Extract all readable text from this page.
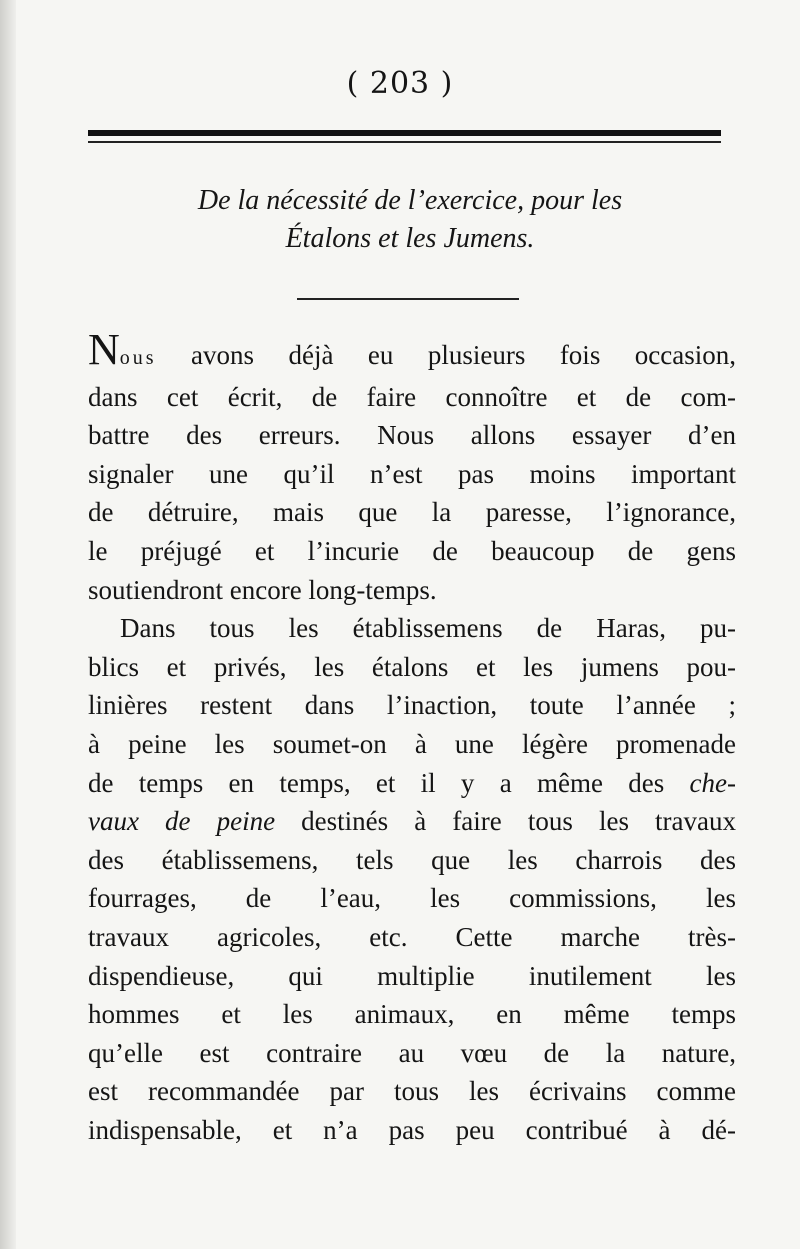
( 203 )
De la nécessité de l’exercice, pour les
Étalons et les Jumens.

Nous avons déjà eu plusieurs fois occasion,
dans cet écrit, de faire connoître et de com-
battre des erreurs. Nous allons essayer d’en
signaler une qu’il n’est pas moins important
de détruire, mais que la paresse, l’ignorance,
le préjugé et l’incurie de beaucoup de gens
soutiendront encore long-temps.

Dans tous les établissemens de Haras, pu-
blics et privés, les étalons et les jumens pou-
linières restent dans l’inaction, toute l’année ;
à peine les soumet-on à une légère promenade
de temps en temps, et il y a même des che-
vaux de peine destinés à faire tous les travaux
des établissemens, tels que les charrois des
fourrages, de l’eau, les commissions, les
travaux agricoles, etc. Cette marche très-
dispendieuse, qui multiplie inutilement les
hommes et les animaux, en même temps
qu’elle est contraire au vœu de la nature,
est recommandée par tous les écrivains comme
indispensable, et n’a pas peu contribué à dé-
